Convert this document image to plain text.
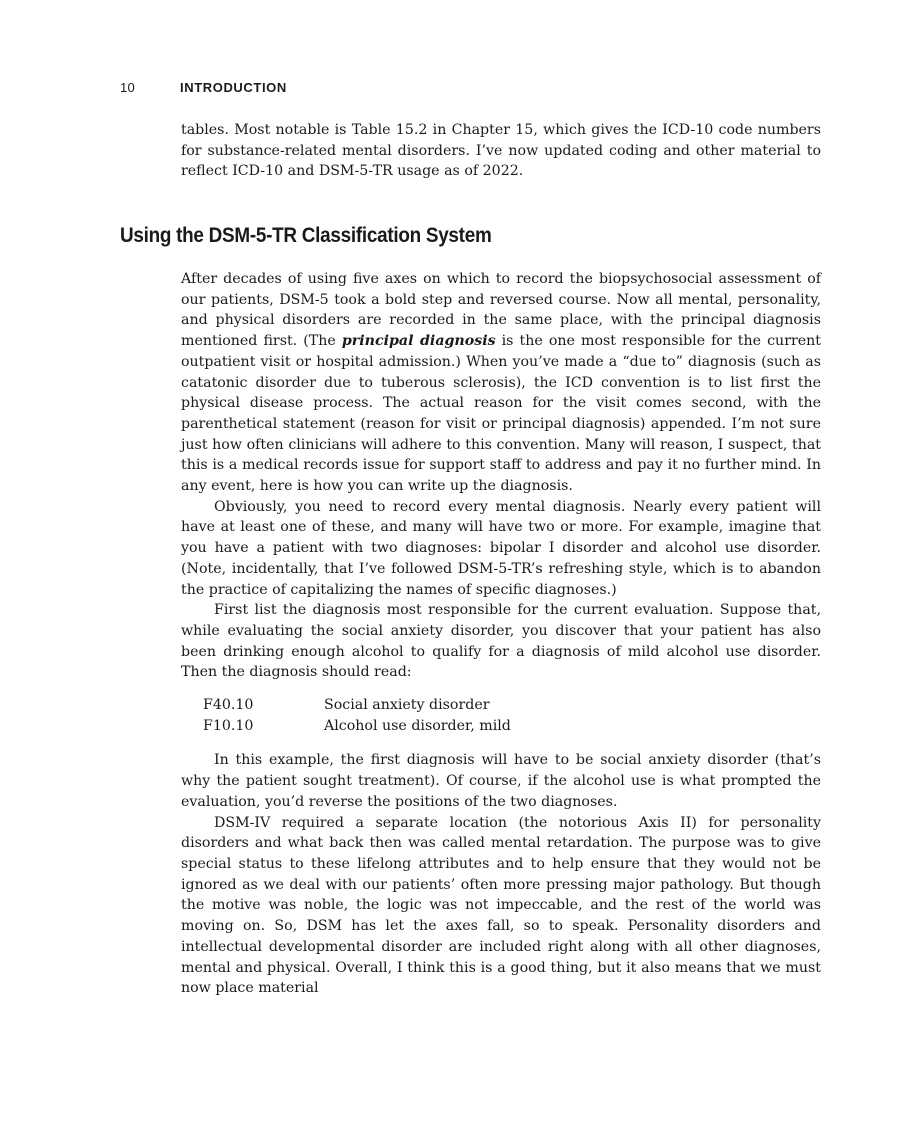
10	INTRODUCTION

tables. Most notable is Table 15.2 in Chapter 15, which gives the ICD-10 code numbers for substance-related mental disorders. I’ve now updated coding and other material to reflect ICD-10 and DSM-5-TR usage as of 2022.

Using the DSM-5-TR Classification System

After decades of using five axes on which to record the biopsychosocial assessment of our patients, DSM-5 took a bold step and reversed course. Now all mental, personality, and physical disorders are recorded in the same place, with the principal diagnosis mentioned first. (The principal diagnosis is the one most responsible for the current outpatient visit or hospital admission.) When you’ve made a “due to” diagnosis (such as catatonic disorder due to tuberous sclerosis), the ICD convention is to list first the physical disease process. The actual reason for the visit comes second, with the parenthetical statement (reason for visit or principal diagnosis) appended. I’m not sure just how often clinicians will adhere to this convention. Many will reason, I suspect, that this is a medical records issue for support staff to address and pay it no further mind. In any event, here is how you can write up the diagnosis.

Obviously, you need to record every mental diagnosis. Nearly every patient will have at least one of these, and many will have two or more. For example, imagine that you have a patient with two diagnoses: bipolar I disorder and alcohol use disorder. (Note, incidentally, that I’ve followed DSM-5-TR’s refreshing style, which is to abandon the practice of capitalizing the names of specific diagnoses.)

First list the diagnosis most responsible for the current evaluation. Suppose that, while evaluating the social anxiety disorder, you discover that your patient has also been drinking enough alcohol to qualify for a diagnosis of mild alcohol use disorder. Then the diagnosis should read:

F40.10	Social anxiety disorder
F10.10	Alcohol use disorder, mild

In this example, the first diagnosis will have to be social anxiety disorder (that’s why the patient sought treatment). Of course, if the alcohol use is what prompted the evaluation, you’d reverse the positions of the two diagnoses.

DSM-IV required a separate location (the notorious Axis II) for personality disorders and what back then was called mental retardation. The purpose was to give special status to these lifelong attributes and to help ensure that they would not be ignored as we deal with our patients’ often more pressing major pathology. But though the motive was noble, the logic was not impeccable, and the rest of the world was moving on. So, DSM has let the axes fall, so to speak. Personality disorders and intellectual developmental disorder are included right along with all other diagnoses, mental and physical. Overall, I think this is a good thing, but it also means that we must now place material
